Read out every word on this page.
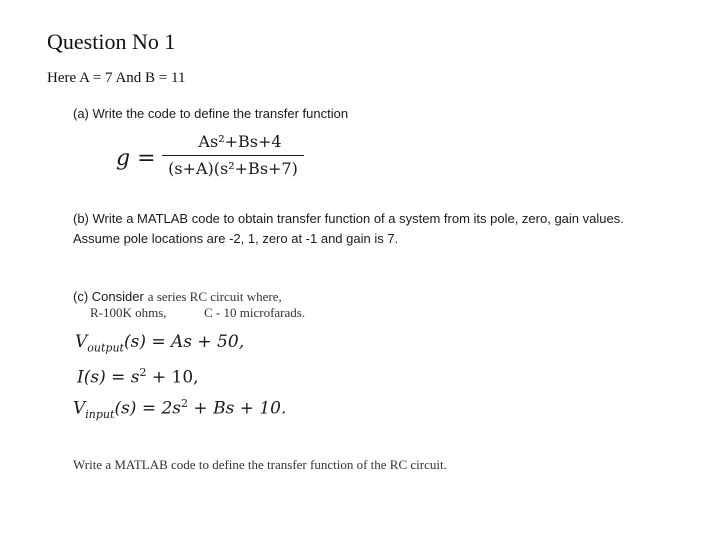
Question No 1
Here A = 7 And B = 11
(a) Write the code to define the transfer function
g =
As²+Bs+4
(s+A)(s²+Bs+7)
(b) Write a MATLAB code to obtain transfer function of a system from its pole, zero, gain values.
Assume pole locations are -2, 1, zero at -1 and gain is 7.
(c) Consider a series RC circuit where,
R-100K ohms,	C - 10 microfarads.
$V_{output}(s) = As + 50$,
$I(s) = s^2 + 10$,
$V_{input}(s) = 2s^2 + Bs + 10$.
Write a MATLAB code to define the transfer function of the RC circuit.
